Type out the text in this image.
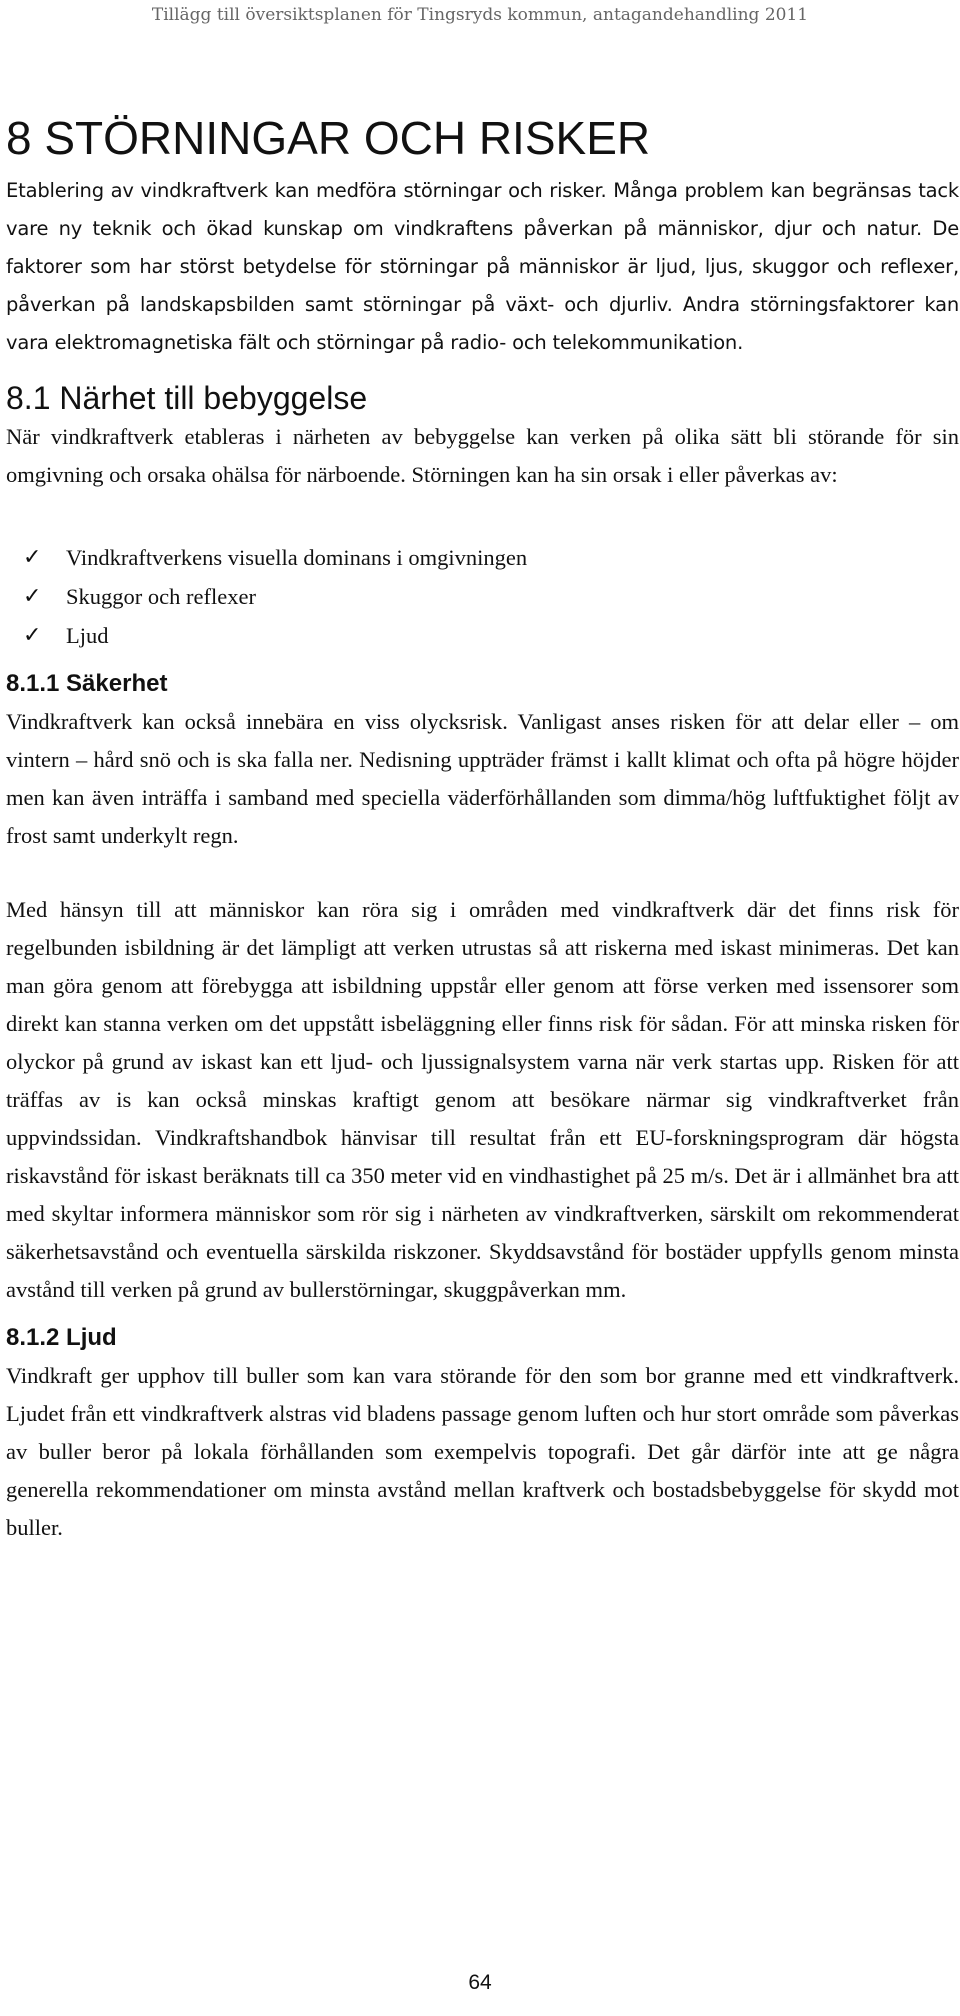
Tillägg till översiktsplanen för Tingsryds kommun, antagandehandling 2011
8 STÖRNINGAR OCH RISKER

Etablering av vindkraftverk kan medföra störningar och risker. Många problem kan begränsas tack vare ny teknik och ökad kunskap om vindkraftens påverkan på människor, djur och natur. De faktorer som har störst betydelse för störningar på människor är ljud, ljus, skuggor och reflexer, påverkan på landskapsbilden samt störningar på växt- och djurliv. Andra störningsfaktorer kan vara elektromagnetiska fält och störningar på radio- och telekommunikation.

8.1 Närhet till bebyggelse

När vindkraftverk etableras i närheten av bebyggelse kan verken på olika sätt bli störande för sin omgivning och orsaka ohälsa för närboende. Störningen kan ha sin orsak i eller påverkas av:

✓	Vindkraftverkens visuella dominans i omgivningen
✓	Skuggor och reflexer
✓	Ljud
8.1.1 Säkerhet

Vindkraftverk kan också innebära en viss olycksrisk. Vanligast anses risken för att delar eller – om vintern – hård snö och is ska falla ner. Nedisning uppträder främst i kallt klimat och ofta på högre höjder men kan även inträffa i samband med speciella väderförhållanden som dimma/hög luftfuktighet följt av frost samt underkylt regn.

Med hänsyn till att människor kan röra sig i områden med vindkraftverk där det finns risk för regelbunden isbildning är det lämpligt att verken utrustas så att riskerna med iskast minimeras. Det kan man göra genom att förebygga att isbildning uppstår eller genom att förse verken med issensorer som direkt kan stanna verken om det uppstått isbeläggning eller finns risk för sådan. För att minska risken för olyckor på grund av iskast kan ett ljud- och ljussignalsystem varna när verk startas upp. Risken för att träffas av is kan också minskas kraftigt genom att besökare närmar sig vindkraftverket från uppvindssidan. Vindkraftshandbok hänvisar till resultat från ett EU-forskningsprogram där högsta riskavstånd för iskast beräknats till ca 350 meter vid en vindhastighet på 25 m/s. Det är i allmänhet bra att med skyltar informera människor som rör sig i närheten av vindkraftverken, särskilt om rekommenderat säkerhetsavstånd och eventuella särskilda riskzoner. Skyddsavstånd för bostäder uppfylls genom minsta avstånd till verken på grund av bullerstörningar, skuggpåverkan mm.

8.1.2 Ljud

Vindkraft ger upphov till buller som kan vara störande för den som bor granne med ett vindkraftverk. Ljudet från ett vindkraftverk alstras vid bladens passage genom luften och hur stort område som påverkas av buller beror på lokala förhållanden som exempelvis topografi. Det går därför inte att ge några generella rekommendationer om minsta avstånd mellan kraftverk och bostadsbebyggelse för skydd mot buller.

64
